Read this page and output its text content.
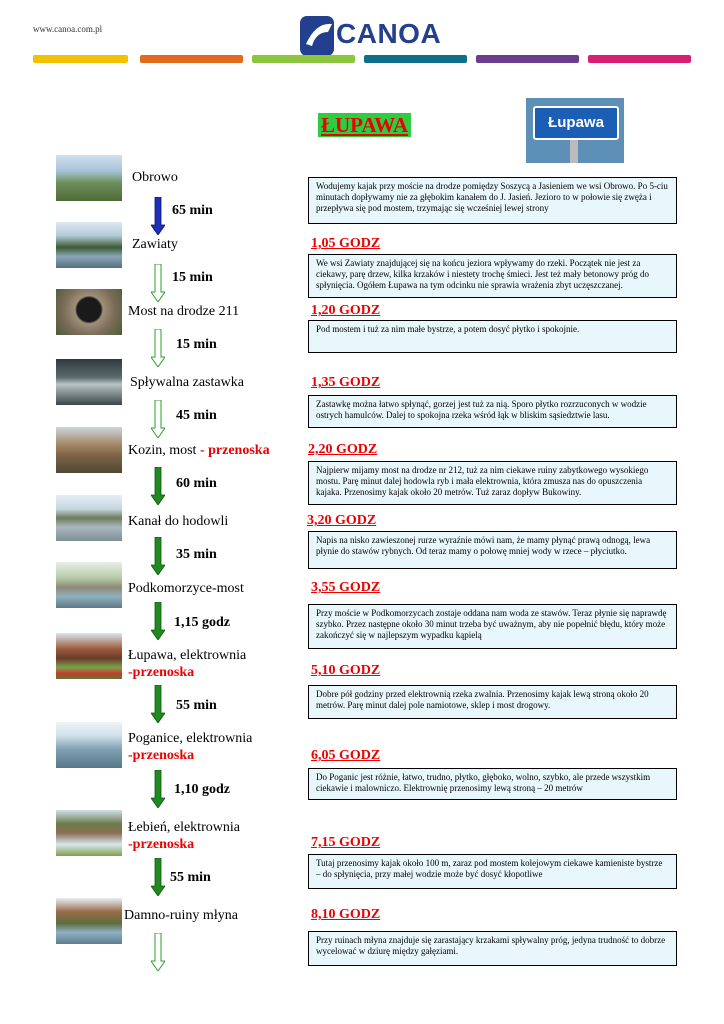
www.canoa.com.pl	CANOA
ŁUPAWA	Łupawa
Obrowo
Zawiaty
Most na drodze 211
Spływalna zastawka
Kozin, most - przenoska
Kanał do hodowli
Podkomorzyce-most
Łupawa, elektrownia
-przenoska
Poganice, elektrownia
-przenoska
Łebień, elektrownia
-przenoska
Damno-ruiny młyna
65 min
15 min
15 min
45 min
60 min
35 min
1,15 godz
55 min
1,10 godz
55 min
1,05 GODZ
1,20 GODZ
1,35 GODZ
2,20 GODZ
3,20 GODZ
3,55 GODZ
5,10 GODZ
6,05 GODZ
7,15 GODZ
8,10 GODZ
Wodujemy kajak przy moście na drodze pomiędzy Soszycą a Jasieniem we wsi Obrowo. Po 5-ciu minutach dopływamy nie za głębokim kanałem do J. Jasień. Jezioro to w połowie się zwęża i przepływa się pod mostem, trzymając się wcześniej lewej strony
We wsi Zawiaty znajdującej się na końcu jeziora wpływamy do rzeki. Początek nie jest za ciekawy, parę drzew, kilka krzaków i niestety trochę śmieci. Jest też mały betonowy próg do spłynięcia. Ogółem Łupawa na tym odcinku nie sprawia wrażenia zbyt uczęszczanej.
Pod mostem i tuż za nim małe bystrze, a potem dosyć płytko i spokojnie.
Zastawkę można łatwo spłynąć, gorzej jest tuż za nią. Sporo płytko rozrzuconych w wodzie ostrych hamulców. Dalej to spokojna rzeka wśród łąk w bliskim sąsiedztwie lasu.
Najpierw mijamy most na drodze nr 212, tuż za nim ciekawe ruiny zabytkowego wysokiego mostu. Parę minut dalej hodowla ryb i mała elektrownia, która zmusza nas do opuszczenia kajaka. Przenosimy kajak około 20 metrów. Tuż zaraz dopływ Bukowiny.
Napis na nisko zawieszonej rurze wyraźnie mówi nam, że mamy płynąć prawą odnogą, lewa płynie do stawów rybnych. Od teraz mamy o połowę mniej wody w rzece – płyciutko.
Przy moście w Podkomorzycach zostaje oddana nam woda ze stawów. Teraz płynie się naprawdę szybko. Przez następne około 30 minut trzeba być uważnym, aby nie popełnić błędu, który może zakończyć się w najlepszym wypadku kąpielą
Dobre pół godziny przed elektrownią rzeka zwalnia. Przenosimy kajak lewą stroną około 20 metrów. Parę minut dalej pole namiotowe, sklep i most drogowy.
Do Poganic jest różnie, łatwo, trudno, płytko, głęboko, wolno, szybko, ale przede wszystkim ciekawie i malowniczo. Elektrownię przenosimy lewą stroną – 20 metrów
Tutaj przenosimy kajak około 100 m, zaraz pod mostem kolejowym ciekawe kamieniste bystrze – do spłynięcia, przy małej wodzie może być dosyć kłopotliwe
Przy ruinach młyna znajduje się zarastający krzakami spływalny próg, jedyna trudność to dobrze wycelować w dziurę między gałęziami.
